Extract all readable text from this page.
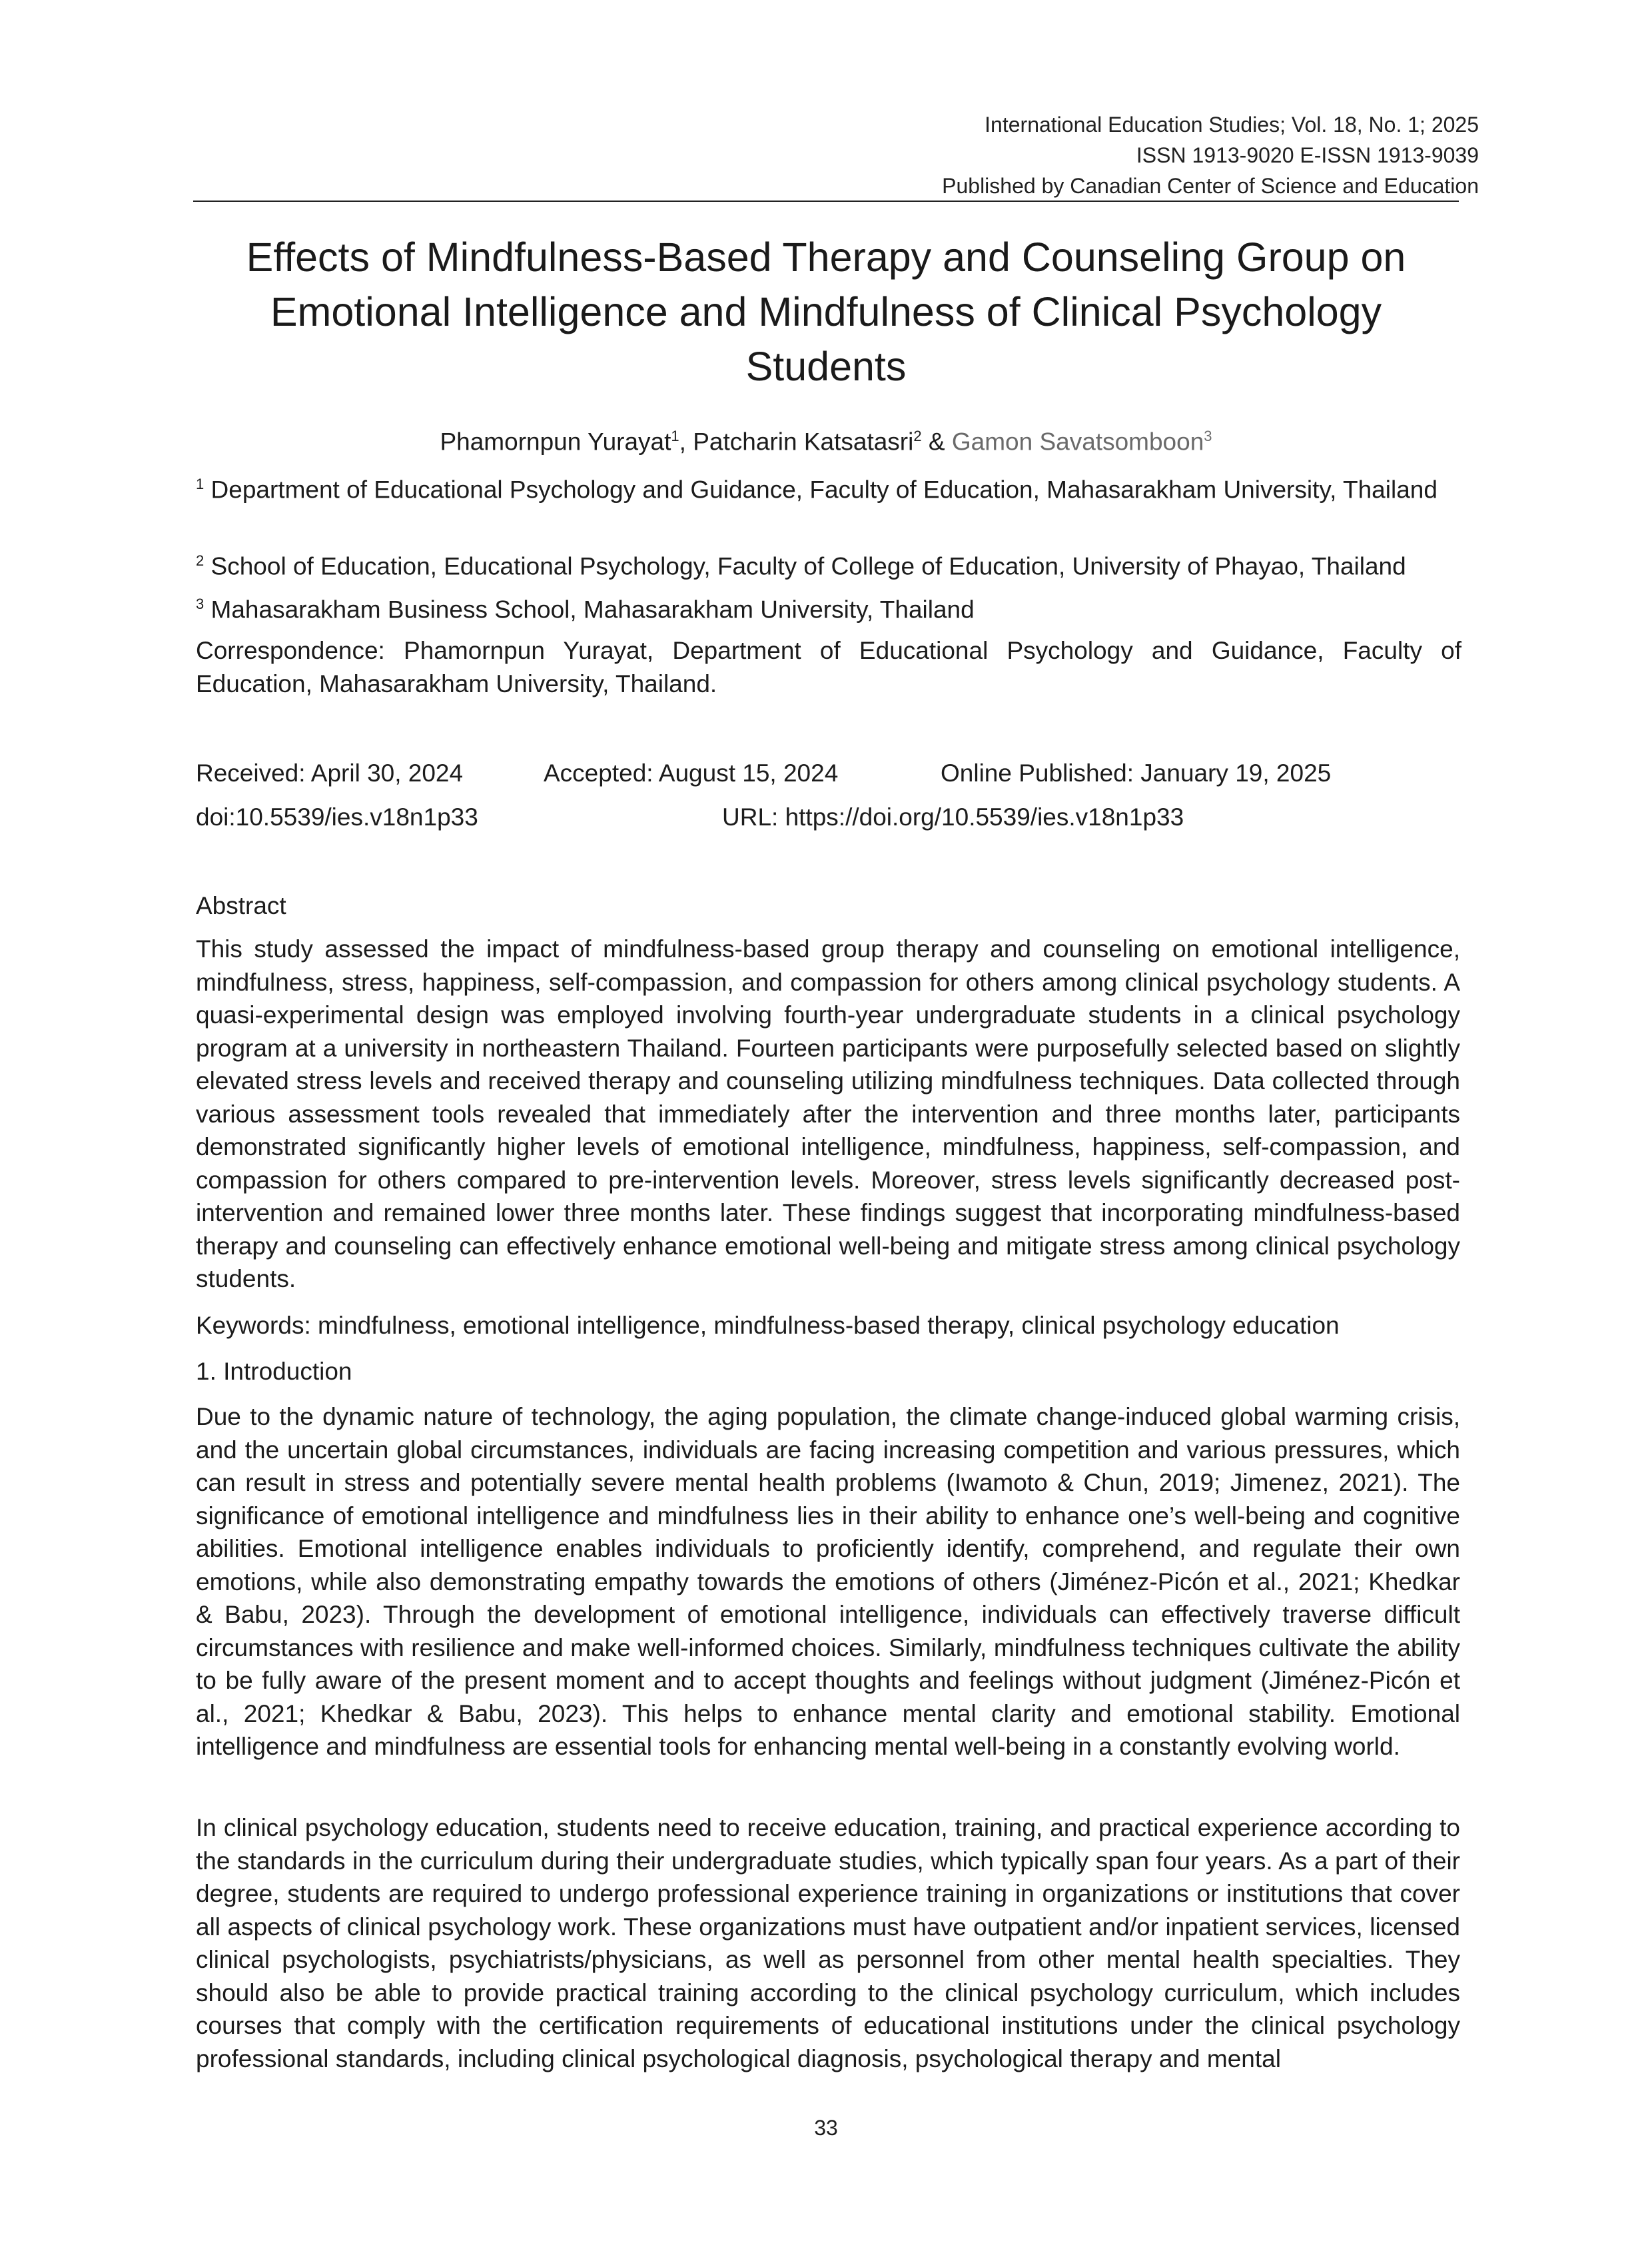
International Education Studies; Vol. 18, No. 1; 2025
ISSN 1913-9020 E-ISSN 1913-9039
Published by Canadian Center of Science and Education
Effects of Mindfulness-Based Therapy and Counseling Group on Emotional Intelligence and Mindfulness of Clinical Psychology Students
Phamornpun Yurayat$^1$, Patcharin Katsatasri$^2$ & Gamon Savatsomboon$^3$
$^1$ Department of Educational Psychology and Guidance, Faculty of Education, Mahasarakham University, Thailand
$^2$ School of Education, Educational Psychology, Faculty of College of Education, University of Phayao, Thailand
$^3$ Mahasarakham Business School, Mahasarakham University, Thailand
Correspondence: Phamornpun Yurayat, Department of Educational Psychology and Guidance, Faculty of Education, Mahasarakham University, Thailand.
Received: April 30, 2024	Accepted: August 15, 2024	Online Published: January 19, 2025
doi:10.5539/ies.v18n1p33	URL: https://doi.org/10.5539/ies.v18n1p33
Abstract
This study assessed the impact of mindfulness-based group therapy and counseling on emotional intelligence, mindfulness, stress, happiness, self-compassion, and compassion for others among clinical psychology students. A quasi-experimental design was employed involving fourth-year undergraduate students in a clinical psychology program at a university in northeastern Thailand. Fourteen participants were purposefully selected based on slightly elevated stress levels and received therapy and counseling utilizing mindfulness techniques. Data collected through various assessment tools revealed that immediately after the intervention and three months later, participants demonstrated significantly higher levels of emotional intelligence, mindfulness, happiness, self-compassion, and compassion for others compared to pre-intervention levels. Moreover, stress levels significantly decreased post-intervention and remained lower three months later. These findings suggest that incorporating mindfulness-based therapy and counseling can effectively enhance emotional well-being and mitigate stress among clinical psychology students.
Keywords: mindfulness, emotional intelligence, mindfulness-based therapy, clinical psychology education
1. Introduction
Due to the dynamic nature of technology, the aging population, the climate change-induced global warming crisis, and the uncertain global circumstances, individuals are facing increasing competition and various pressures, which can result in stress and potentially severe mental health problems (Iwamoto & Chun, 2019; Jimenez, 2021). The significance of emotional intelligence and mindfulness lies in their ability to enhance one’s well-being and cognitive abilities. Emotional intelligence enables individuals to proficiently identify, comprehend, and regulate their own emotions, while also demonstrating empathy towards the emotions of others (Jiménez-Picón et al., 2021; Khedkar & Babu, 2023). Through the development of emotional intelligence, individuals can effectively traverse difficult circumstances with resilience and make well-informed choices. Similarly, mindfulness techniques cultivate the ability to be fully aware of the present moment and to accept thoughts and feelings without judgment (Jiménez-Picón et al., 2021; Khedkar & Babu, 2023). This helps to enhance mental clarity and emotional stability. Emotional intelligence and mindfulness are essential tools for enhancing mental well-being in a constantly evolving world.
In clinical psychology education, students need to receive education, training, and practical experience according to the standards in the curriculum during their undergraduate studies, which typically span four years. As a part of their degree, students are required to undergo professional experience training in organizations or institutions that cover all aspects of clinical psychology work. These organizations must have outpatient and/or inpatient services, licensed clinical psychologists, psychiatrists/physicians, as well as personnel from other mental health specialties. They should also be able to provide practical training according to the clinical psychology curriculum, which includes courses that comply with the certification requirements of educational institutions under the clinical psychology professional standards, including clinical psychological diagnosis, psychological therapy and mental
33
